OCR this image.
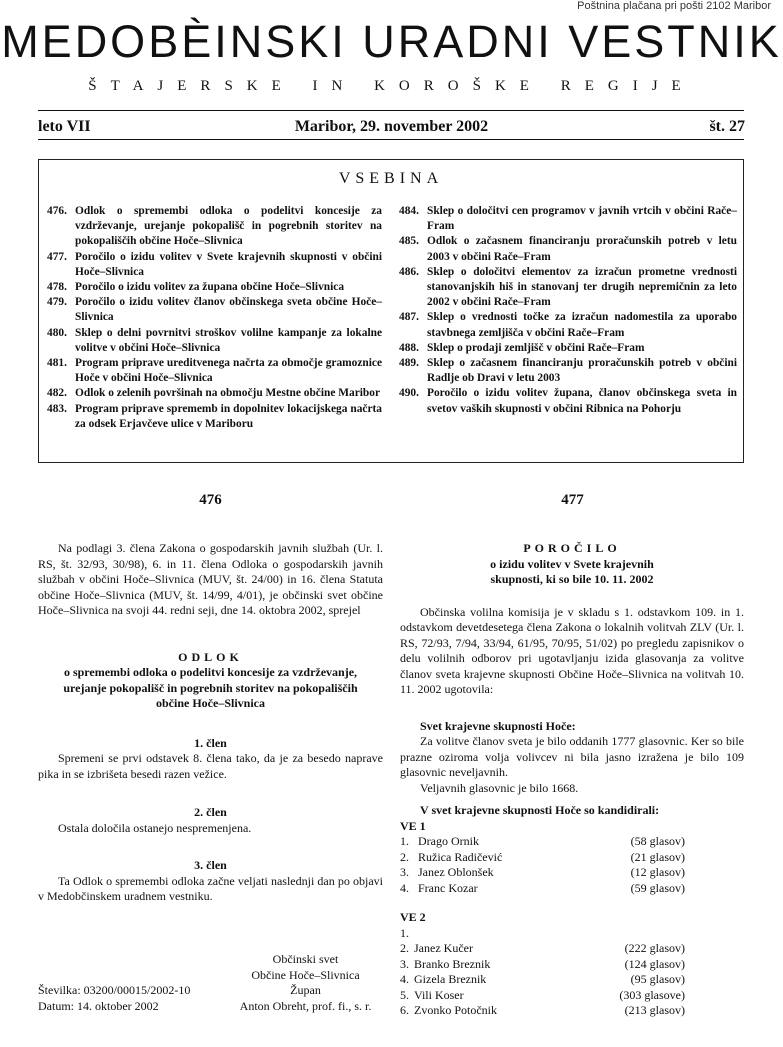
Poštnina plačana pri pošti 2102 Maribor
MEDOBÈINSKI URADNI VESTNIK
ŠTAJERSKE IN KOROŠKE REGIJE
leto VII	Maribor, 29. november 2002	št. 27
VSEBINA
476. Odlok o spremembi odloka o podelitvi koncesije za vzdrževanje, urejanje pokopališč in pogrebnih storitev na pokopališčih občine Hoče–Slivnica
477. Poročilo o izidu volitev v Svete krajevnih skupnosti v občini Hoče–Slivnica
478. Poročilo o izidu volitev za župana občine Hoče–Slivnica
479. Poročilo o izidu volitev članov občinskega sveta občine Hoče–Slivnica
480. Sklep o delni povrnitvi stroškov volilne kampanje za lokalne volitve v občini Hoče–Slivnica
481. Program priprave ureditvenega načrta za območje gramoznice Hoče v občini Hoče–Slivnica
482. Odlok o zelenih površinah na območju Mestne občine Maribor
483. Program priprave sprememb in dopolnitev lokacijskega načrta za odsek Erjavčeve ulice v Mariboru
484. Sklep o določitvi cen programov v javnih vrtcih v občini Rače–Fram
485. Odlok o začasnem financiranju proračunskih potreb v letu 2003 v občini Rače–Fram
486. Sklep o določitvi elementov za izračun prometne vrednosti stanovanjskih hiš in stanovanj ter drugih nepremičnin za leto 2002 v občini Rače–Fram
487. Sklep o vrednosti točke za izračun nadomestila za uporabo stavbnega zemljišča v občini Rače–Fram
488. Sklep o prodaji zemljišč v občini Rače–Fram
489. Sklep o začasnem financiranju proračunskih potreb v občini Radlje ob Dravi v letu 2003
490. Poročilo o izidu volitev župana, članov občinskega sveta in svetov vaških skupnosti v občini Ribnica na Pohorju
476

Na podlagi 3. člena Zakona o gospodarskih javnih službah (Ur. l. RS, št. 32/93, 30/98), 6. in 11. člena Odloka o gospodarskih javnih službah v občini Hoče–Slivnica (MUV, št. 24/00) in 16. člena Statuta občine Hoče–Slivnica (MUV, št. 14/99, 4/01), je občinski svet občine Hoče–Slivnica na svoji 44. redni seji, dne 14. oktobra 2002, sprejel

ODLOK
o spremembi odloka o podelitvi koncesije za vzdrževanje, urejanje pokopališč in pogrebnih storitev na pokopališčih občine Hoče–Slivnica
1. člen

Spremeni se prvi odstavek 8. člena tako, da je za besedo naprave pika in se izbrišeta besedi razen vežice.

2. člen

Ostala določila ostanejo nespremenjena.

3. člen

Ta Odlok o spremembi odloka začne veljati naslednji dan po objavi v Medobčinskem uradnem vestniku.

Občinski svet
Občine Hoče–Slivnica
Župan
Anton Obreht, prof. fi., s. r.
Številka: 03200/00015/2002-10
Datum: 14. oktober 2002
477
POROČILO
o izidu volitev v Svete krajevnih skupnosti, ki so bile 10. 11. 2002

Občinska volilna komisija je v skladu s 1. odstavkom 109. in 1. odstavkom devetdesetega člena Zakona o lokalnih volitvah ZLV (Ur. l. RS, 72/93, 7/94, 33/94, 61/95, 70/95, 51/02) po pregledu zapisnikov o delu volilnih odborov pri ugotavljanju izida glasovanja za volitve članov sveta krajevne skupnosti Občine Hoče–Slivnica na volitvah 10. 11. 2002 ugotovila:

Svet krajevne skupnosti Hoče:

Za volitve članov sveta je bilo oddanih 1777 glasovnic. Ker so bile prazne oziroma volja volivcev ni bila jasno izražena je bilo 109 glasovnic neveljavnih.

Veljavnih glasovnic je bilo 1668.

V svet krajevne skupnosti Hoče so kandidirali:
VE 1
1. Drago Ornik	(58 glasov)
2. Ružica Radičević	(21 glasov)
3. Janez Oblonšek	(12 glasov)
4. Franc Kozar	(59 glasov)
VE 2
1.
2. Janez Kučer	(222 glasov)
3. Branko Breznik	(124 glasov)
4. Gizela Breznik	(95 glasov)
5. Vili Koser	(303 glasove)
6. Zvonko Potočnik	(213 glasov)
